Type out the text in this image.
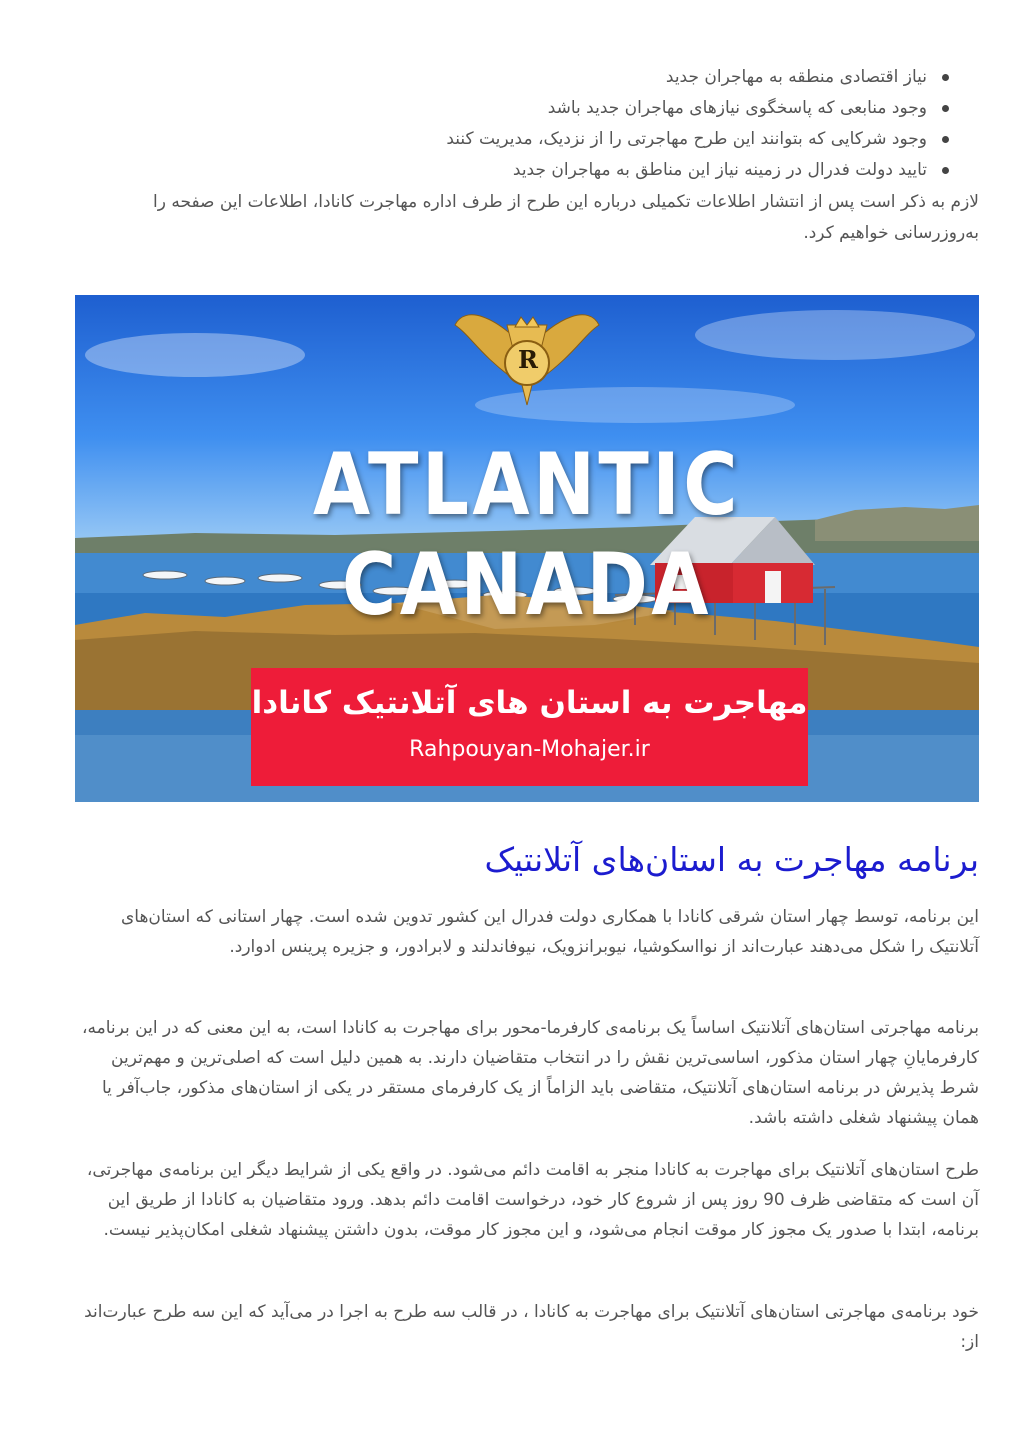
نیاز اقتصادی منطقه به مهاجران جدید
وجود منابعی که پاسخگوی نیازهای مهاجران جدید باشد
وجود شرکایی که بتوانند این طرح مهاجرتی را از نزدیک، مدیریت کنند
تایید دولت فدرال در زمینه نیاز این مناطق به مهاجران جدید

لازم به ذکر است پس از انتشار اطلاعات تکمیلی درباره این طرح از طرف اداره مهاجرت کانادا، اطلاعات این صفحه را به‌روزرسانی خواهیم کرد.

R
ATLANTIC CANADA
مهاجرت به استان های آتلانتیک کانادا
Rahpouyan-Mohajer.ir
برنامه مهاجرت به استان‌های آتلانتیک

این برنامه، توسط چهار استان شرقی کانادا با همکاری دولت فدرال این کشور تدوین شده است. چهار استانی که استان‌های آتلانتیک را شکل می‌دهند عبارت‌اند از نوااسکوشیا، نیوبرانزویک، نیوفاندلند و لابرادور، و جزیره پرینس ادوارد.

برنامه مهاجرتی استان‌های آتلانتیک اساساً یک برنامه‌ی کارفرما-محور برای مهاجرت به کانادا است، به این معنی که در این برنامه، کارفرمایانِ چهار استان مذکور، اساسی‌ترین نقش را در انتخاب متقاضیان دارند. به همین دلیل است که اصلی‌ترین و مهم‌ترین شرط پذیرش در برنامه استان‌های آتلانتیک، متقاضی باید الزاماً از یک کارفرمای مستقر در یکی از استان‌های مذکور، جاب‌آفر یا همان پیشنهاد شغلی داشته باشد.

طرح استان‌های آتلانتیک برای مهاجرت به کانادا منجر به اقامت دائم می‌شود. در واقع یکی از شرایط دیگر این برنامه‌ی مهاجرتی، آن است که متقاضی ظرف 90 روز پس از شروع کار خود، درخواست اقامت دائم بدهد. ورود متقاضیان به کانادا از طریق این برنامه، ابتدا با صدور یک مجوز کار موقت انجام می‌شود، و این مجوز کار موقت، بدون داشتن پیشنهاد شغلی امکان‌پذیر نیست.

خود برنامه‌ی مهاجرتی استان‌های آتلانتیک برای مهاجرت به کانادا ، در قالب سه طرح به اجرا در می‌آید که این سه طرح عبارت‌اند از:
